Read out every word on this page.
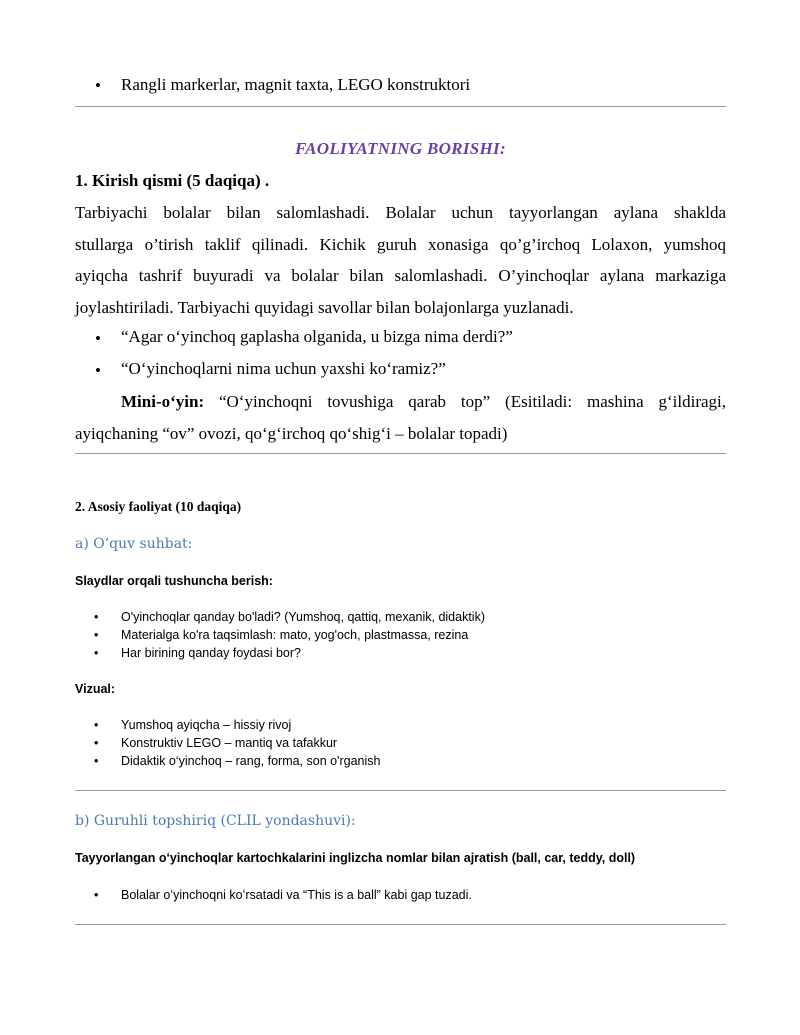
• Rangli markerlar, magnit taxta, LEGO konstruktori
FAOLIYATNING BORISHI:
1. Kirish qismi (5 daqiqa) .
Tarbiyachi bolalar bilan salomlashadi. Bolalar uchun tayyorlangan aylana shaklda
stullarga o’tirish taklif qilinadi. Kichik guruh xonasiga qo’g’irchoq Lolaxon, yumshoq
ayiqcha tashrif buyuradi va bolalar bilan salomlashadi. O’yinchoqlar aylana markaziga
joylashtiriladi. Tarbiyachi quyidagi savollar bilan bolajonlarga yuzlanadi.
• “Agar o‘yinchoq gaplasha olganida, u bizga nima derdi?”
• “O‘yinchoqlarni nima uchun yaxshi ko‘ramiz?”
Mini-o‘yin: “O‘yinchoqni tovushiga qarab top” (Esitiladi: mashina g‘ildiragi,
ayiqchaning “ov” ovozi, qo‘g‘irchoq qo‘shig‘i – bolalar topadi)
2. Asosiy faoliyat (10 daqiqa)
a) O‘quv suhbat:
Slaydlar orqali tushuncha berish:
• O'yinchoqlar qanday bo'ladi? (Yumshoq, qattiq, mexanik, didaktik)
• Materialga ko'ra taqsimlash: mato, yog'och, plastmassa, rezina
• Har birining qanday foydasi bor?
Vizual:
• Yumshoq ayiqcha – hissiy rivoj
• Konstruktiv LEGO – mantiq va tafakkur
• Didaktik o‘yinchoq – rang, forma, son o'rganish
b) Guruhli topshiriq (CLIL yondashuvi):
Tayyorlangan oʻyinchoqlar kartochkalarini inglizcha nomlar bilan ajratish (ball, car, teddy, doll)
• Bolalar oʻyinchoqni koʻrsatadi va “This is a ball” kabi gap tuzadi.
